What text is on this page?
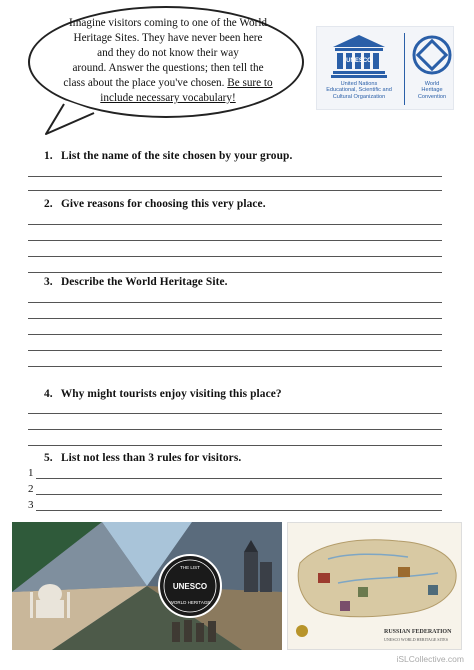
Imagine visitors coming to one of the World
Heritage Sites. They have never been here
and they do not know their way
around. Answer the questions; then tell the
class about the place you've chosen. Be sure to
include necessary vocabulary!
UNESCO
United Nations
Educational, Scientific and
Cultural Organization
World
Heritage
Convention
1. List the name of the site chosen by your group.
2. Give reasons for choosing this very place.
3. Describe the World Heritage Site.
4. Why might tourists enjoy visiting this place?
5. List not less than 3 rules for visitors.
1
2
3
THE LIST
UNESCO
WORLD HERITAGE
RUSSIAN FEDERATION
UNESCO WORLD HERITAGE SITES
iSLCollective.com
